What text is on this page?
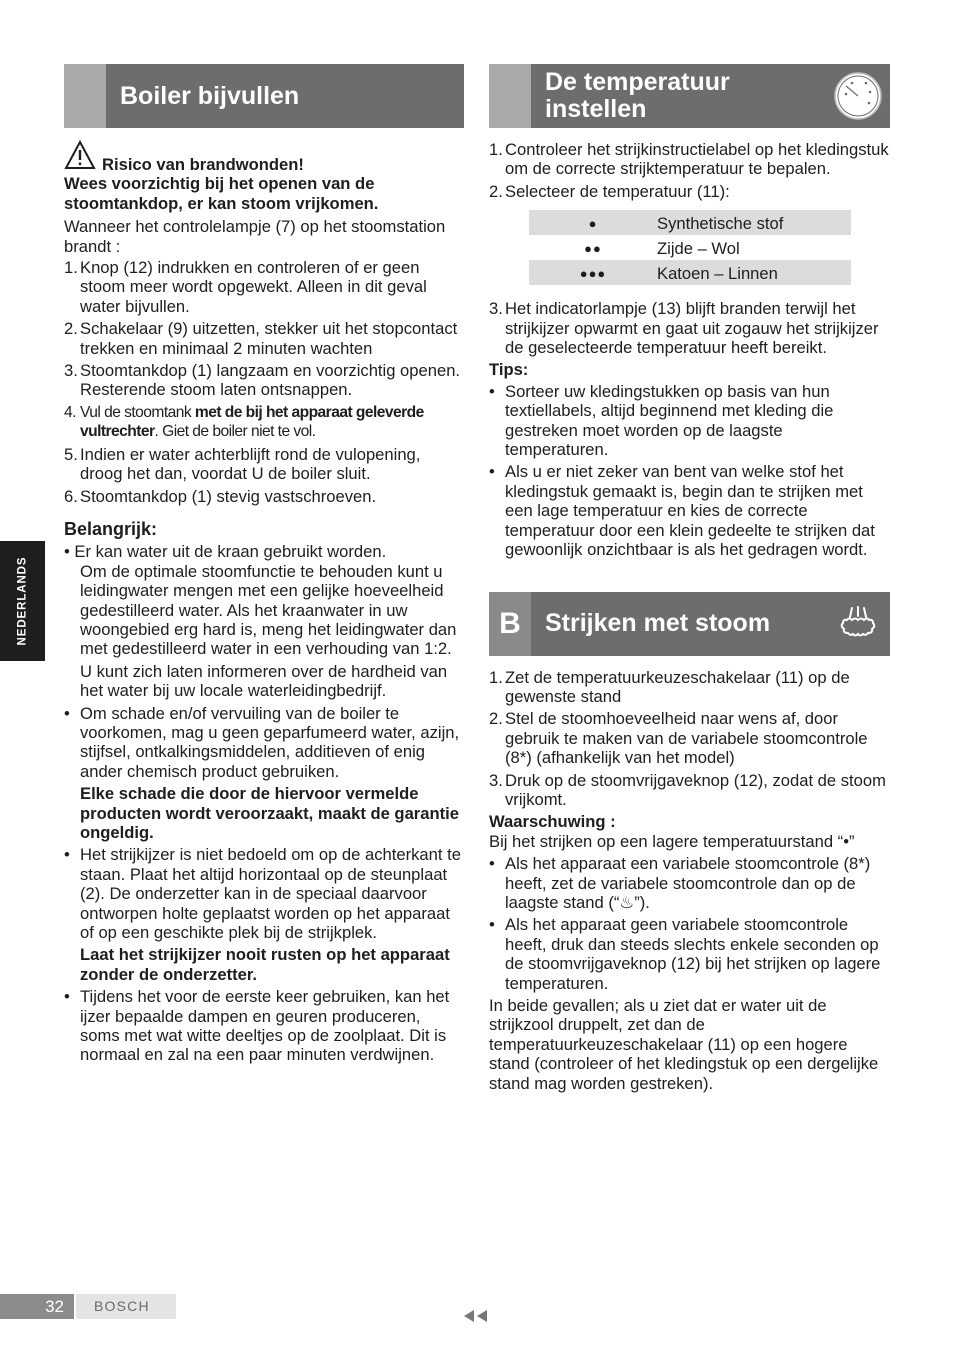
Boiler bijvullen
Risico van brandwonden!

Wees voorzichtig bij het openen van de stoomtankdop, er kan stoom vrijkomen.

Wanneer het controlelampje (7) op het stoomstation brandt :

1. Knop (12) indrukken en controleren of er geen stoom meer wordt opgewekt. Alleen in dit geval water bijvullen.
2. Schakelaar (9) uitzetten, stekker uit het stopcontact trekken en minimaal 2 minuten wachten
3. Stoomtankdop (1) langzaam en voorzichtig openen. Resterende stoom laten ontsnappen.
4. Vul de stoomtank met de bij het apparaat geleverde vultrechter. Giet de boiler niet te vol.
5. Indien er water achterblijft rond de vulopening, droog het dan, voordat U de boiler sluit.
6. Stoomtankdop (1) stevig vastschroeven.

Belangrijk:

• Er kan water uit de kraan gebruikt worden.

Om de optimale stoomfunctie te behouden kunt u leidingwater mengen met een gelijke hoeveelheid gedestilleerd water. Als het kraanwater in uw woongebied erg hard is, meng het leidingwater dan met gedestilleerd water in een verhouding van 1:2.

U kunt zich laten informeren over de hardheid van het water bij uw locale waterleidingbedrijf.

• Om schade en/of vervuiling van de boiler te voorkomen, mag u geen geparfumeerd water, azijn, stijfsel, ontkalkingsmiddelen, additieven of enig ander chemisch product gebruiken.

Elke schade die door de hiervoor vermelde producten wordt veroorzaakt, maakt de garantie ongeldig.

• Het strijkijzer is niet bedoeld om op de achterkant te staan. Plaat het altijd horizontaal op de steunplaat (2). De onderzetter kan in de speciaal daarvoor ontworpen holte geplaatst worden op het apparaat of op een geschikte plek bij de strijkplek.

Laat het strijkijzer nooit rusten op het apparaat zonder de onderzetter.

• Tijdens het voor de eerste keer gebruiken, kan het ijzer bepaalde dampen en geuren produceren, soms met wat witte deeltjes op de zoolplaat. Dit is normaal en zal na een paar minuten verdwijnen.
De temperatuur instellen
1. Controleer het strijkinstructielabel op het kledingstuk om de correcte strijktemperatuur te bepalen.
2. Selecteer de temperatuur (11):
●	Synthetische stof
●●	Zijde – Wol
●●●	Katoen – Linnen
3. Het indicatorlampje (13) blijft branden terwijl het strijkijzer opwarmt en gaat uit zogauw het strijkijzer de geselecteerde temperatuur heeft bereikt.

Tips:

• Sorteer uw kledingstukken op basis van hun textiellabels, altijd beginnend met kleding die gestreken moet worden op de laagste temperaturen.
• Als u er niet zeker van bent van welke stof het kledingstuk gemaakt is, begin dan te strijken met een lage temperatuur en kies de correcte temperatuur door een klein gedeelte te strijken dat gewoonlijk onzichtbaar is als het gedragen wordt.
B Strijken met stoom
1. Zet de temperatuurkeuzeschakelaar (11) op de gewenste stand
2. Stel de stoomhoeveelheid naar wens af, door gebruik te maken van de variabele stoomcontrole (8*) (afhankelijk van het model)
3. Druk op de stoomvrijgaveknop (12), zodat de stoom vrijkomt.

Waarschuwing :

Bij het strijken op een lagere temperatuurstand “•”

• Als het apparaat een variabele stoomcontrole (8*) heeft, zet de variabele stoomcontrole dan op de laagste stand (“♨”).
• Als het apparaat geen variabele stoomcontrole heeft, druk dan steeds slechts enkele seconden op de stoomvrijgaveknop (12) bij het strijken op lagere temperaturen.

In beide gevallen; als u ziet dat er water uit de strijkzool druppelt, zet dan de temperatuurkeuzeschakelaar (11) op een hogere stand (controleer of het kledingstuk op een dergelijke stand mag worden gestreken).

NEDERLANDS
32	BOSCH
